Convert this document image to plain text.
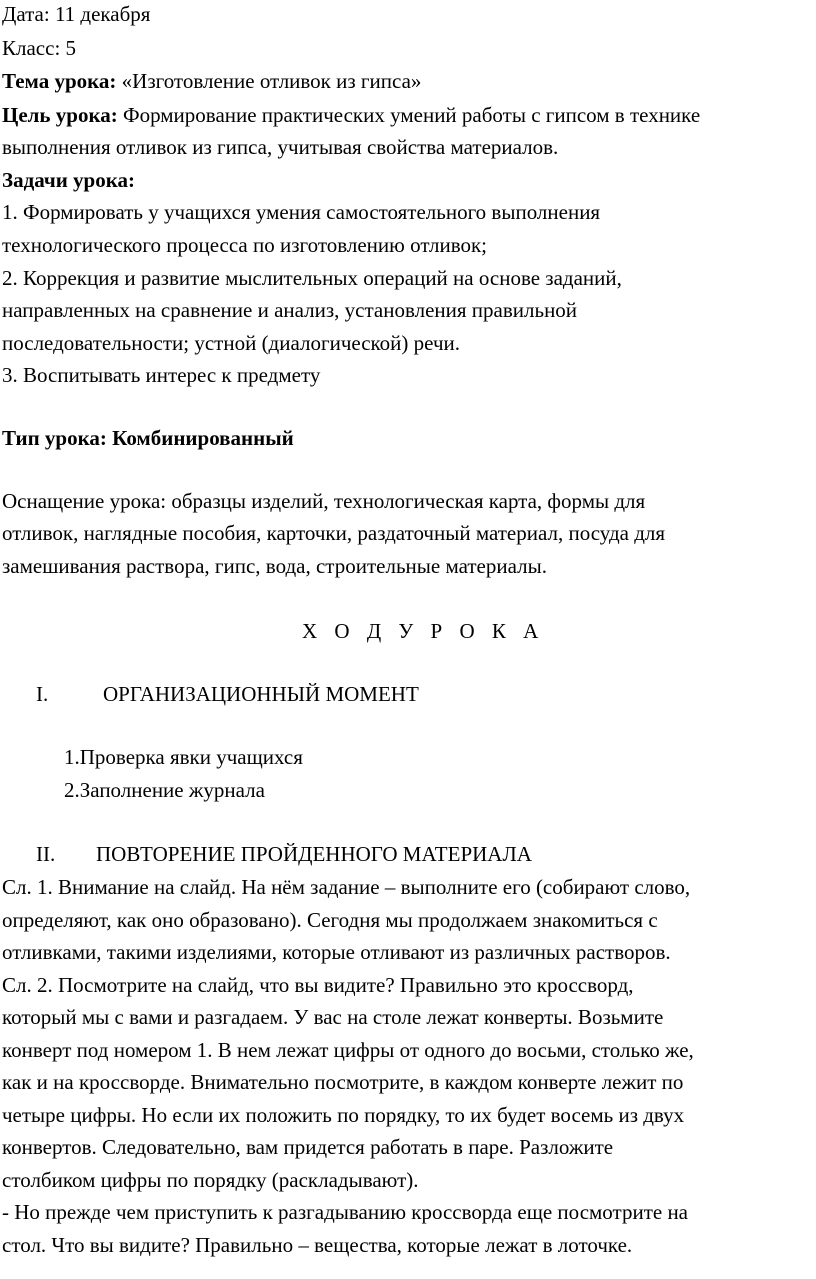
Дата: 11 декабря
Класс: 5
Тема урока: «Изготовление отливок из гипса»
Цель урока: Формирование практических умений работы с гипсом в технике
выполнения отливок из гипса, учитывая свойства материалов.
Задачи урока:
1. Формировать у учащихся умения самостоятельного выполнения
технологического процесса по изготовлению отливок;
2. Коррекция и развитие мыслительных операций на основе заданий,
направленных на сравнение и анализ, установления правильной
последовательности; устной (диалогической) речи.
3. Воспитывать интерес к предмету
Тип урока: Комбинированный
Оснащение урока: образцы изделий, технологическая карта, формы для
отливок, наглядные пособия, карточки, раздаточный материал, посуда для
замешивания раствора, гипс, вода, строительные материалы.
Х О Д У Р О К А
I.	ОРГАНИЗАЦИОННЫЙ МОМЕНТ
1.Проверка явки учащихся
2.Заполнение журнала
II. ПОВТОРЕНИЕ ПРОЙДЕННОГО МАТЕРИАЛА
Сл. 1. Внимание на слайд. На нём задание – выполните его (собирают слово,
определяют, как оно образовано). Сегодня мы продолжаем знакомиться с
отливками, такими изделиями, которые отливают из различных растворов.
Сл. 2. Посмотрите на слайд, что вы видите? Правильно это кроссворд,
который мы с вами и разгадаем. У вас на столе лежат конверты. Возьмите
конверт под номером 1. В нем лежат цифры от одного до восьми, столько же,
как и на кроссворде. Внимательно посмотрите, в каждом конверте лежит по
четыре цифры. Но если их положить по порядку, то их будет восемь из двух
конвертов. Следовательно, вам придется работать в паре. Разложите
столбиком цифры по порядку (раскладывают).
- Но прежде чем приступить к разгадыванию кроссворда еще посмотрите на
стол. Что вы видите? Правильно – вещества, которые лежат в лоточке.
